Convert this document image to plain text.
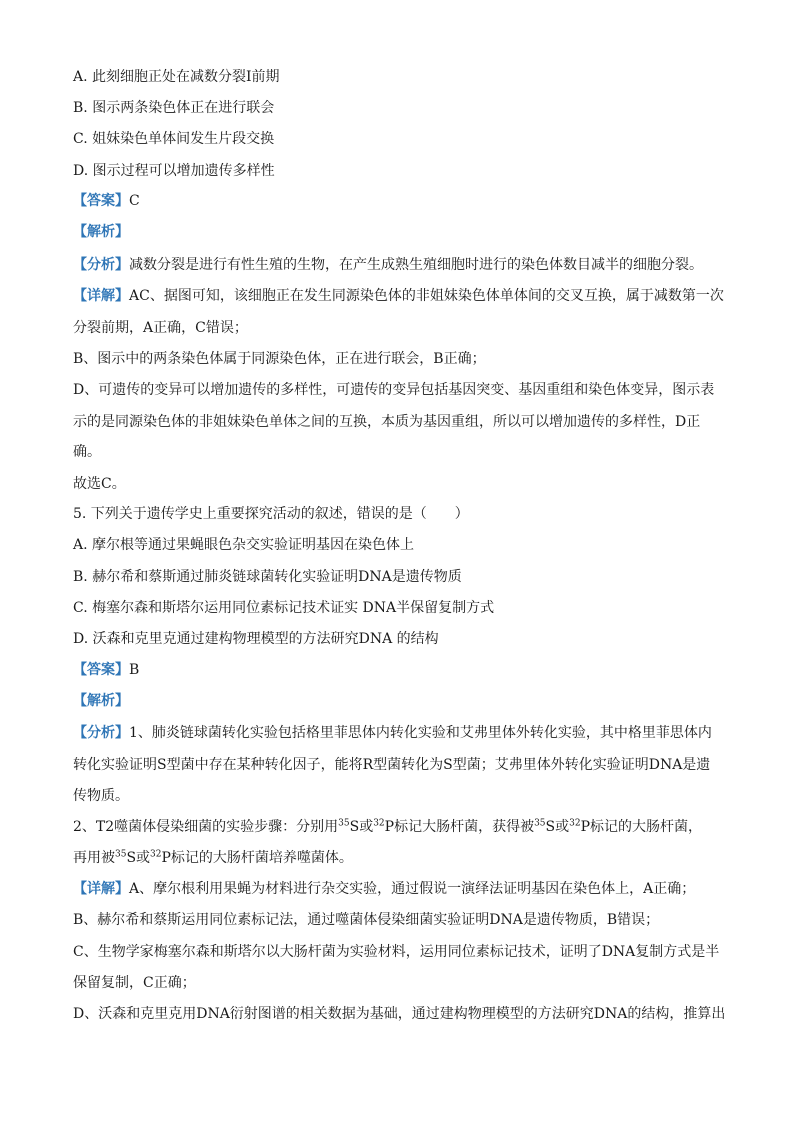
A. 此刻细胞正处在减数分裂Ⅰ前期
B. 图示两条染色体正在进行联会
C. 姐妹染色单体间发生片段交换
D. 图示过程可以增加遗传多样性
【答案】C
【解析】
【分析】减数分裂是进行有性生殖的生物，在产生成熟生殖细胞时进行的染色体数目减半的细胞分裂。
【详解】AC、据图可知，该细胞正在发生同源染色体的非姐妹染色体单体间的交叉互换，属于减数第一次
分裂前期，A正确，C错误；
B、图示中的两条染色体属于同源染色体，正在进行联会，B正确；
D、可遗传的变异可以增加遗传的多样性，可遗传的变异包括基因突变、基因重组和染色体变异，图示表
示的是同源染色体的非姐妹染色单体之间的互换，本质为基因重组，所以可以增加遗传的多样性，D正
确。
故选C。
5. 下列关于遗传学史上重要探究活动的叙述，错误的是（　　）
A. 摩尔根等通过果蝇眼色杂交实验证明基因在染色体上
B. 赫尔希和蔡斯通过肺炎链球菌转化实验证明DNA是遗传物质
C. 梅塞尔森和斯塔尔运用同位素标记技术证实 DNA半保留复制方式
D. 沃森和克里克通过建构物理模型的方法研究DNA 的结构
【答案】B
【解析】
【分析】1、肺炎链球菌转化实验包括格里菲思体内转化实验和艾弗里体外转化实验，其中格里菲思体内
转化实验证明S型菌中存在某种转化因子，能将R型菌转化为S型菌；艾弗里体外转化实验证明DNA是遗
传物质。
2、T2噬菌体侵染细菌的实验步骤：分别用$^{35}$S或$^{32}$P标记大肠杆菌，获得被$^{35}$S或$^{32}$P标记的大肠杆菌，
再用被$^{35}$S或$^{32}$P标记的大肠杆菌培养噬菌体。
【详解】A、摩尔根利用果蝇为材料进行杂交实验，通过假说一演绎法证明基因在染色体上，A正确；
B、赫尔希和蔡斯运用同位素标记法，通过噬菌体侵染细菌实验证明DNA是遗传物质，B错误；
C、生物学家梅塞尔森和斯塔尔以大肠杆菌为实验材料，运用同位素标记技术，证明了DNA复制方式是半
保留复制，C正确；
D、沃森和克里克用DNA衍射图谱的相关数据为基础，通过建构物理模型的方法研究DNA的结构，推算出
